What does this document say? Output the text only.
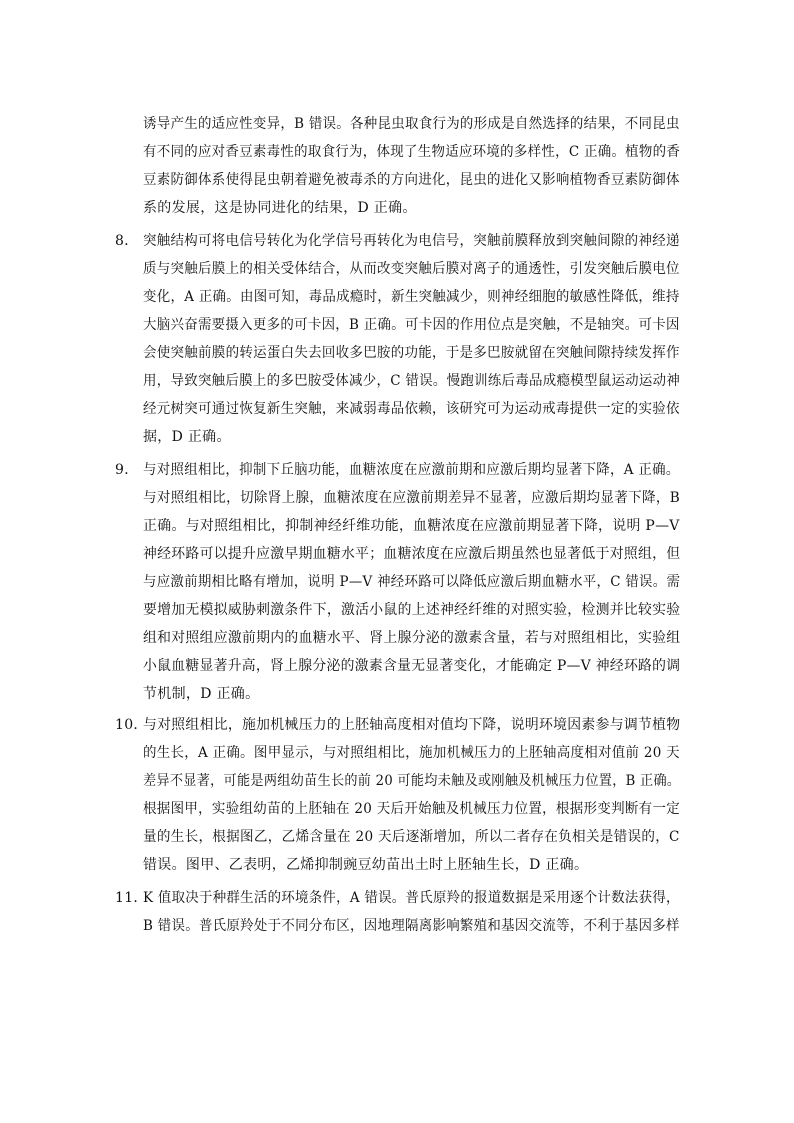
诱导产生的适应性变异，B 错误。各种昆虫取食行为的形成是自然选择的结果，不同昆虫
有不同的应对香豆素毒性的取食行为，体现了生物适应环境的多样性，C 正确。植物的香
豆素防御体系使得昆虫朝着避免被毒杀的方向进化，昆虫的进化又影响植物香豆素防御体
系的发展，这是协同进化的结果，D 正确。
8． 突触结构可将电信号转化为化学信号再转化为电信号，突触前膜释放到突触间隙的神经递
质与突触后膜上的相关受体结合，从而改变突触后膜对离子的通透性，引发突触后膜电位
变化，A 正确。由图可知，毒品成瘾时，新生突触减少，则神经细胞的敏感性降低，维持
大脑兴奋需要摄入更多的可卡因，B 正确。可卡因的作用位点是突触，不是轴突。可卡因
会使突触前膜的转运蛋白失去回收多巴胺的功能，于是多巴胺就留在突触间隙持续发挥作
用，导致突触后膜上的多巴胺受体减少，C 错误。慢跑训练后毒品成瘾模型鼠运动运动神
经元树突可通过恢复新生突触，来减弱毒品依赖，该研究可为运动戒毒提供一定的实验依
据，D 正确。
9． 与对照组相比，抑制下丘脑功能，血糖浓度在应激前期和应激后期均显著下降，A 正确。
与对照组相比，切除肾上腺，血糖浓度在应激前期差异不显著，应激后期均显著下降，B
正确。与对照组相比，抑制神经纤维功能，血糖浓度在应激前期显著下降，说明 P—V
神经环路可以提升应激早期血糖水平；血糖浓度在应激后期虽然也显著低于对照组，但
与应激前期相比略有增加，说明 P—V 神经环路可以降低应激后期血糖水平，C 错误。需
要增加无模拟威胁刺激条件下，激活小鼠的上述神经纤维的对照实验，检测并比较实验
组和对照组应激前期内的血糖水平、肾上腺分泌的激素含量，若与对照组相比，实验组
小鼠血糖显著升高，肾上腺分泌的激素含量无显著变化，才能确定 P—V 神经环路的调
节机制，D 正确。
10．
与对照组相比，施加机械压力的上胚轴高度相对值均下降，说明环境因素参与调节植物
的生长，A 正确。图甲显示，与对照组相比，施加机械压力的上胚轴高度相对值前 20 天
差异不显著，可能是两组幼苗生长的前 20 可能均未触及或刚触及机械压力位置，B 正确。
根据图甲，实验组幼苗的上胚轴在 20 天后开始触及机械压力位置，根据形变判断有一定
量的生长，根据图乙，乙烯含量在 20 天后逐渐增加，所以二者存在负相关是错误的，C
错误。图甲、乙表明，乙烯抑制豌豆幼苗出土时上胚轴生长，D 正确。
11．
K 值取决于种群生活的环境条件，A 错误。普氏原羚的报道数据是采用逐个计数法获得，
B 错误。普氏原羚处于不同分布区，因地理隔离影响繁殖和基因交流等，不利于基因多样
